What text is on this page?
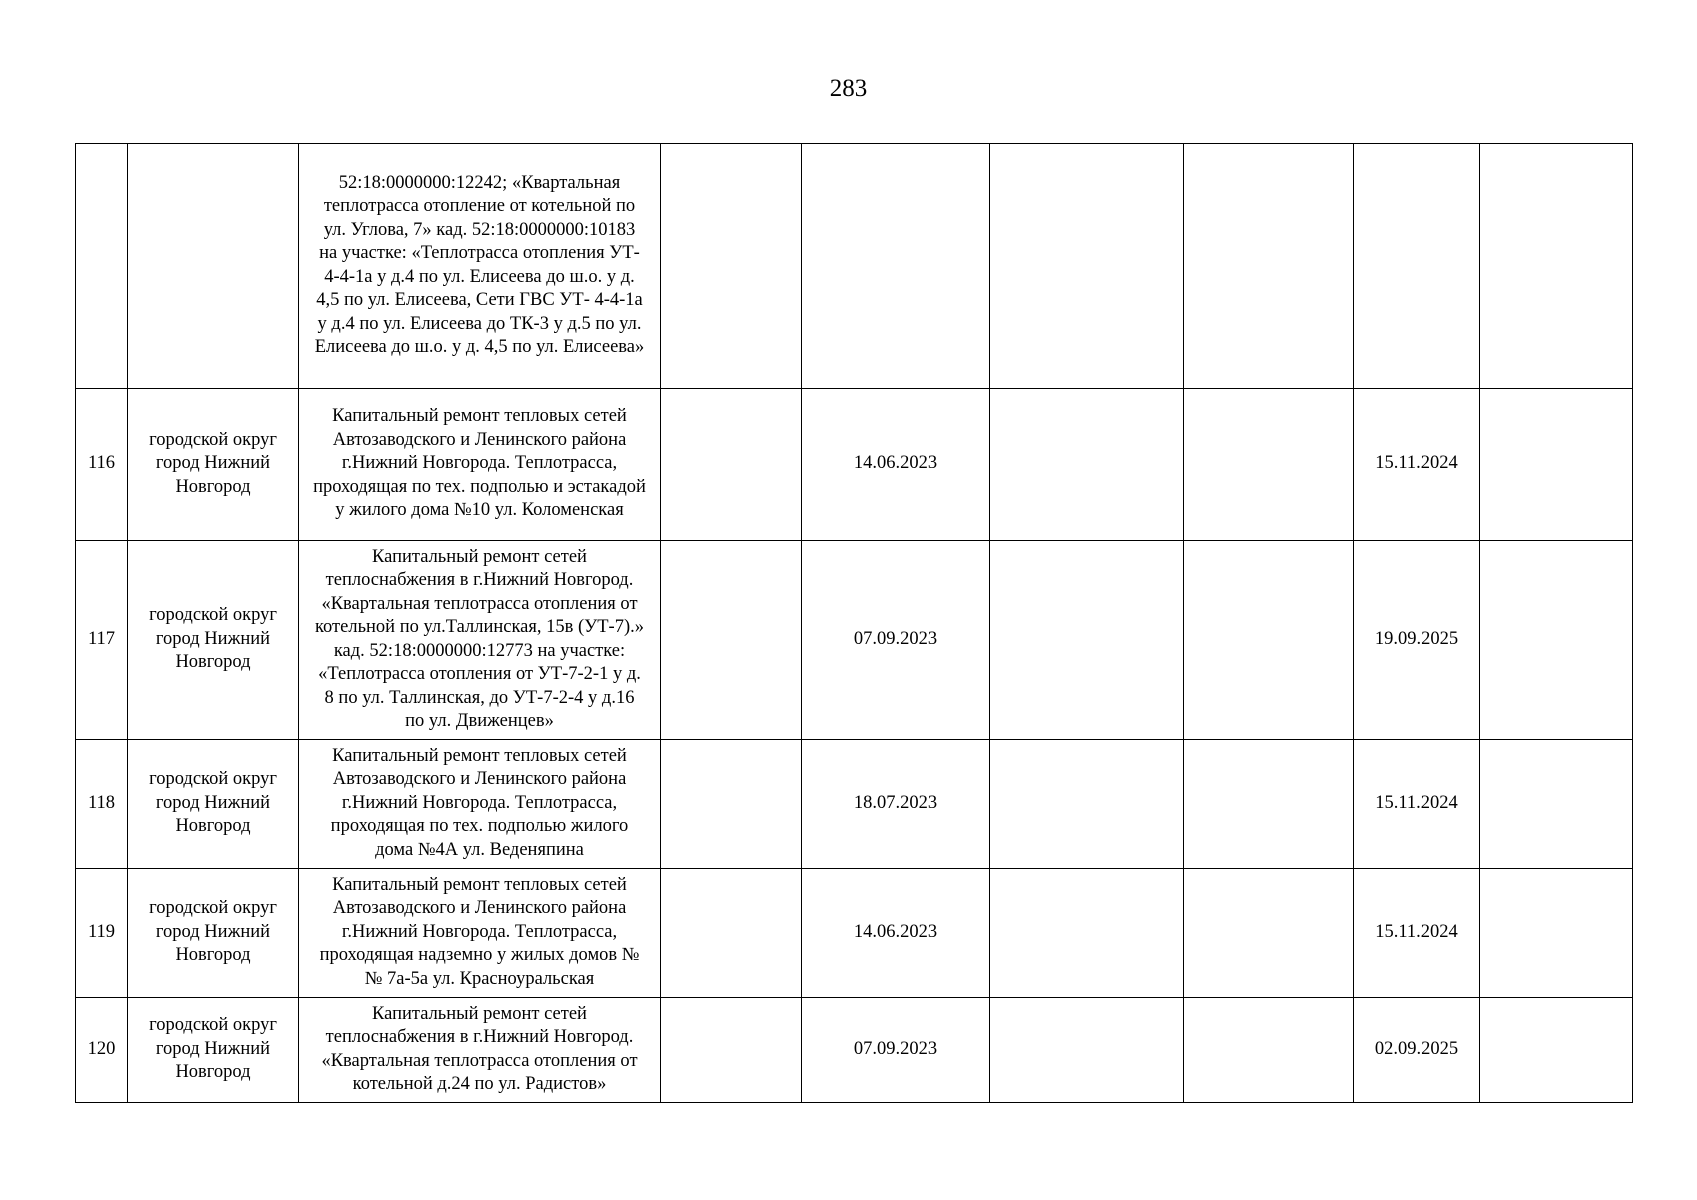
283
		52:18:0000000:12242; «Квартальная теплотрасса отопление от котельной по ул. Углова, 7» кад. 52:18:0000000:10183 на участке: «Теплотрасса отопления УТ- 4-4-1а у д.4 по ул. Елисеева до ш.о. у д. 4,5 по ул. Елисеева, Сети ГВС УТ- 4-4-1а у д.4 по ул. Елисеева до ТК-3 у д.5 по ул. Елисеева до ш.о. у д. 4,5 по ул. Елисеева»						
116	городской округ город Нижний Новгород	Капитальный ремонт тепловых сетей Автозаводского и Ленинского района г.Нижний Новгорода. Теплотрасса, проходящая по тех. подполью и эстакадой у жилого дома №10 ул. Коломенская		14.06.2023			15.11.2024	
117	городской округ город Нижний Новгород	Капитальный ремонт сетей теплоснабжения в г.Нижний Новгород. «Квартальная теплотрасса отопления от котельной по ул.Таллинская, 15в (УТ-7).» кад. 52:18:0000000:12773 на участке: «Теплотрасса отопления от УТ-7-2-1 у д. 8 по ул. Таллинская, до УТ-7-2-4 у д.16 по ул. Движенцев»		07.09.2023			19.09.2025	
118	городской округ город Нижний Новгород	Капитальный ремонт тепловых сетей Автозаводского и Ленинского района г.Нижний Новгорода. Теплотрасса, проходящая по тех. подполью жилого дома №4А ул. Веденяпина		18.07.2023			15.11.2024	
119	городской округ город Нижний Новгород	Капитальный ремонт тепловых сетей Автозаводского и Ленинского района г.Нижний Новгорода. Теплотрасса, проходящая надземно у жилых домов №№ 7а-5а ул. Красноуральская		14.06.2023			15.11.2024	
120	городской округ город Нижний Новгород	Капитальный ремонт сетей теплоснабжения в г.Нижний Новгород. «Квартальная теплотрасса отопления от котельной д.24 по ул. Радистов»		07.09.2023			02.09.2025	
